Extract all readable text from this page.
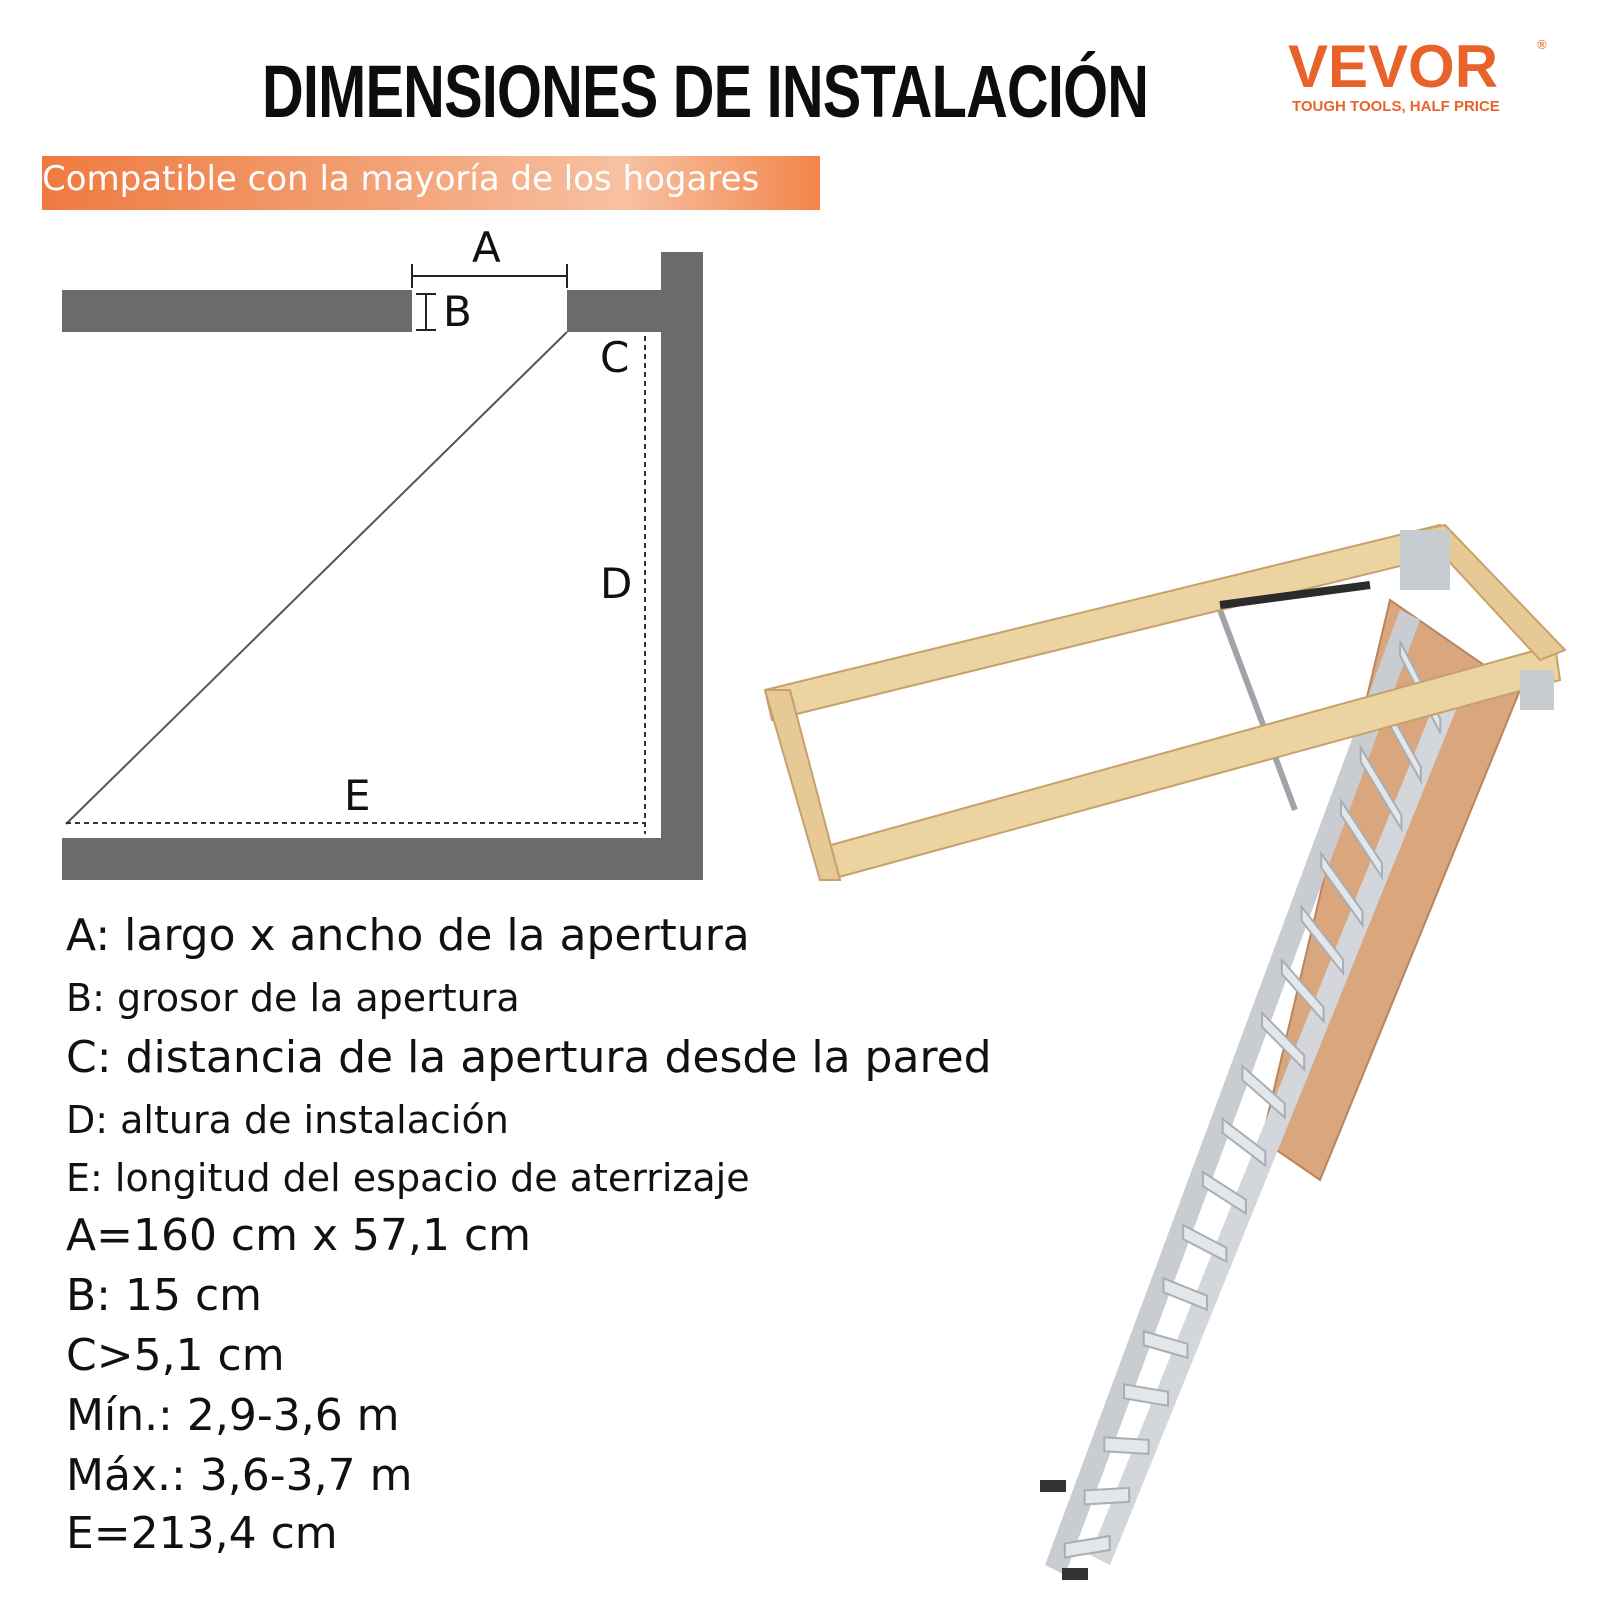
DIMENSIONES DE INSTALACIÓN VEVOR	®
TOUGH TOOLS, HALF PRICE
Compatible con la mayoría de los hogares
A
B
C
D
E
A: largo x ancho de la apertura
B: grosor de la apertura
C: distancia de la apertura desde la pared
D: altura de instalación
E: longitud del espacio de aterrizaje
A=160 cm x 57,1 cm
B: 15 cm
C>5,1 cm
Mín.: 2,9-3,6 m
Máx.: 3,6-3,7 m
E=213,4 cm
